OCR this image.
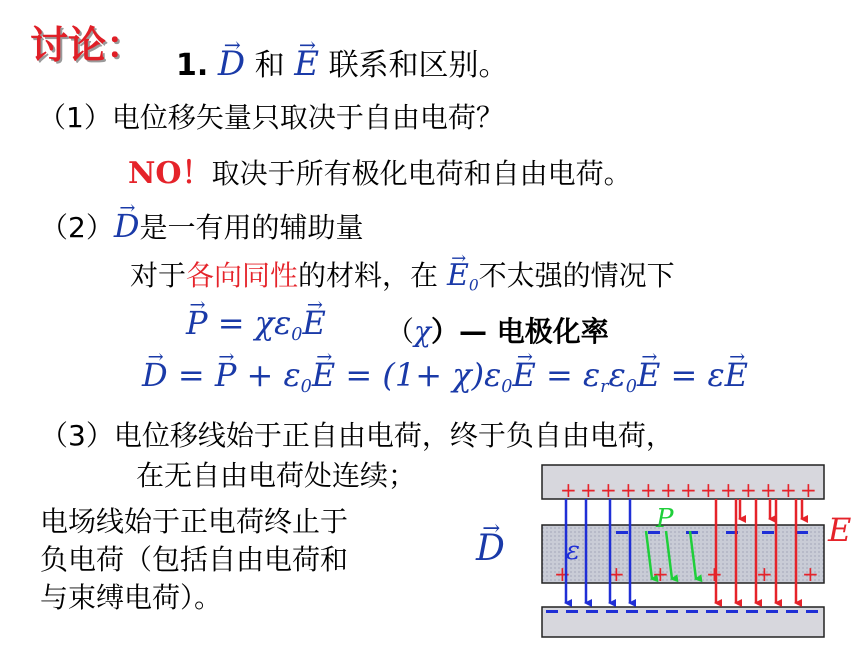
讨论： 1. → D 和 → E 联系和区别。
（1）电位移矢量只取决于自由电荷？
NO！取决于所有极化电荷和自由电荷。
（2）→ D是一有用的辅助量
对于各向同性的材料，在 → $E_0$不太强的情况下
→ $P = \chi\varepsilon_0\to E$ （χ）— 电极化率
→ D = → $P + \varepsilon_0\to E = (1+ \chi)\varepsilon_0\to E = \varepsilon_r\varepsilon_0\to E = \varepsilon\to E$
（3）电位移线始于正自由电荷，终于负自由电荷，
在无自由电荷处连续；
电场线始于正电荷终止于
负电荷（包括自由电荷和
与束缚电荷）。
→ D
+ + + + + + + + + + + + +
+ + + + + +
P
ε
E
